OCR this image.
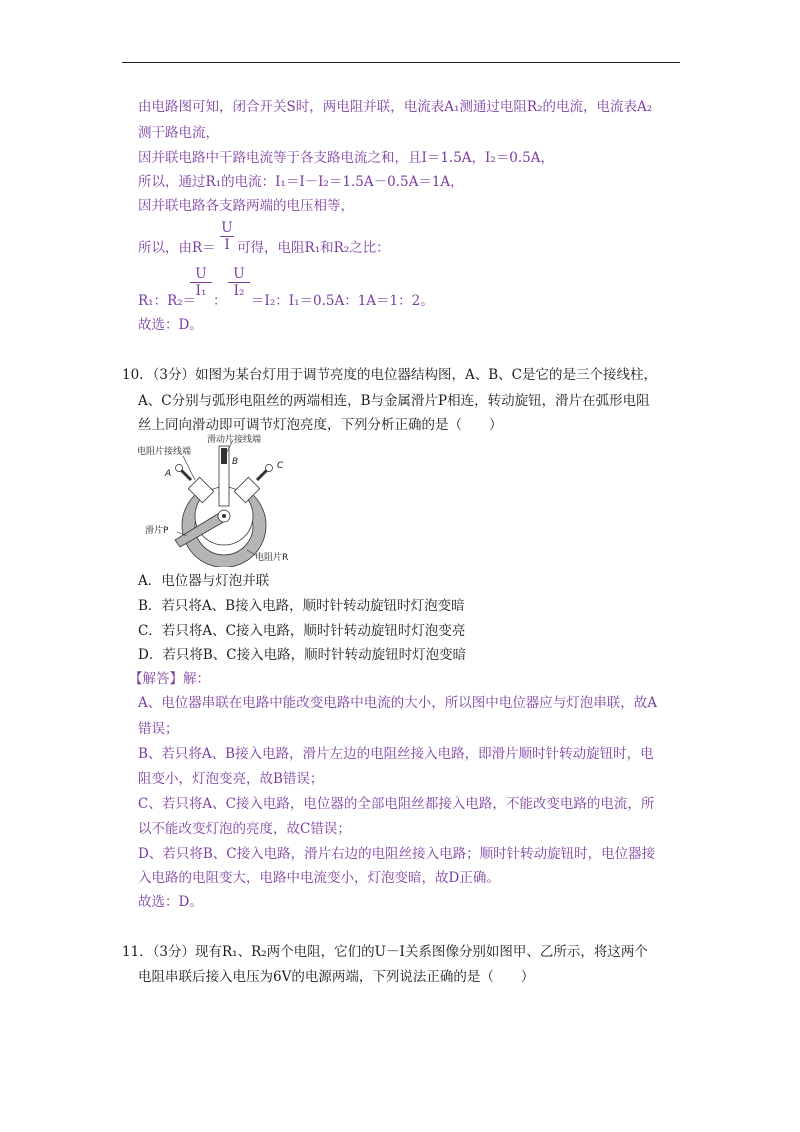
由电路图可知，闭合开关S时，两电阻并联，电流表A₁测通过电阻R₂的电流，电流表A₂
测干路电流，
因并联电路中干路电流等于各支路电流之和，且I＝1.5A，I₂＝0.5A，
所以，通过R₁的电流：I₁＝I－I₂＝1.5A－0.5A＝1A，
因并联电路各支路两端的电压相等，
所以，由$R= \frac{U}{I}$ 可得，电阻R₁和R₂之比：
R₁：R₂＝
$\frac{U}{\text{I₁}}$
：
$\frac{U}{\text{I₂}}$
＝I₂：I₁＝0.5A：1A＝1：2。
故选：D。
10．（3分）如图为某台灯用于调节亮度的电位器结构图，A、B、C是它的是三个接线柱，
A、C分别与弧形电阻丝的两端相连，B与金属滑片P相连，转动旋钮，滑片在弧形电阻
丝上同向滑动即可调节灯泡亮度，下列分析正确的是（　　）
滑动片接线端
B
电阻片接线端
A
C
滑片P
电阻片R
A．电位器与灯泡并联
B．若只将A、B接入电路，顺时针转动旋钮时灯泡变暗
C．若只将A、C接入电路，顺时针转动旋钮时灯泡变亮
D．若只将B、C接入电路，顺时针转动旋钮时灯泡变暗
【解答】解：
A、电位器串联在电路中能改变电路中电流的大小，所以图中电位器应与灯泡串联，故A
错误；
B、若只将A、B接入电路，滑片左边的电阻丝接入电路，即滑片顺时针转动旋钮时，电
阻变小，灯泡变亮，故B错误；
C、若只将A、C接入电路，电位器的全部电阻丝都接入电路，不能改变电路的电流，所
以不能改变灯泡的亮度，故C错误；
D、若只将B、C接入电路，滑片右边的电阻丝接入电路；顺时针转动旋钮时，电位器接
入电路的电阻变大，电路中电流变小，灯泡变暗，故D正确。
故选：D。
11．（3分）现有R₁、R₂两个电阻，它们的U－I关系图像分别如图甲、乙所示，将这两个
电阻串联后接入电压为6V的电源两端，下列说法正确的是（　　）
